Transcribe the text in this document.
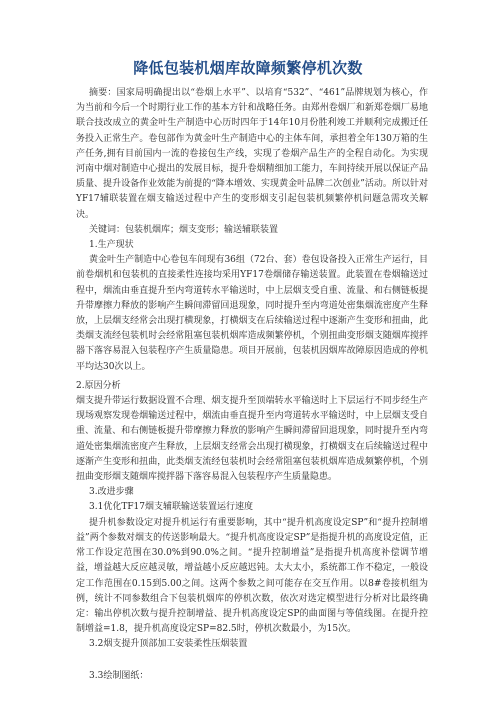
降低包装机烟库故障频繁停机次数

摘要：国家局明确提出以“卷烟上水平”、以培育“532”、“461”品牌规划为核心，作为当前和今后一个时期行业工作的基本方针和战略任务。由郑州卷烟厂和新郑卷烟厂易地联合技改成立的黄金叶生产制造中心历时四年于14年10月份胜利竣工并顺利完成搬迁任务投入正常生产。卷包部作为黄金叶生产制造中心的主体车间，承担着全年130万箱的生产任务,拥有目前国内一流的卷接包生产线，实现了卷烟产品生产的全程自动化。为实现河南中烟对制造中心提出的发展目标，提升卷烟精细加工能力，车间持续开展以保证产品质量、提升设备作业效能为前提的“降本增效、实现黄金叶品牌二次创业”活动。所以针对YF17辅联装置在烟支输送过程中产生的变形烟支引起包装机频繁停机问题急需攻关解决。

关键词：包装机烟库；烟支变形；输送辅联装置

1.生产现状

黄金叶生产制造中心卷包车间现有36组（72台、套）卷包设备投入正常生产运行，目前卷烟机和包装机的直接柔性连接均采用YF17卷烟储存输送装置。此装置在卷烟输送过程中，烟流由垂直提升至内弯道转水平输送时，中上层烟支受自重、流量、和右侧链板提升带摩擦力释放的影响产生瞬间滞留回退现象，同时提升至内弯道处密集烟流密度产生释放，上层烟支经常会出现打横现象，打横烟支在后续输送过程中逐渐产生变形和扭曲，此类烟支流经包装机时会经常阻塞包装机烟库造成频繁停机，个别扭曲变形烟支随烟库搅拌器下落容易混入包装程序产生质量隐患。项目开展前，包装机因烟库故障原因造成的停机平均达30次以上。

2.原因分析

烟支提升带运行数据设置不合理、烟支提升至顶端转水平输送时上下层运行不同步经生产现场观察发现卷烟输送过程中，烟流由垂直提升至内弯道转水平输送时，中上层烟支受自重、流量、和右侧链板提升带摩擦力释放的影响产生瞬间滞留回退现象，同时提升至内弯道处密集烟流密度产生释放，上层烟支经常会出现打横现象，打横烟支在后续输送过程中逐渐产生变形和扭曲，此类烟支流经包装机时会经常阻塞包装机烟库造成频繁停机，个别扭曲变形烟支随烟库搅拌器下落容易混入包装程序产生质量隐患。

3.改进步骤

3.1优化TF17烟支辅联输送装置运行速度

提升机参数设定对提升机运行有重要影响，其中“提升机高度设定SP”和“提升控制增益”两个参数对烟支的传送影响最大。“提升机高度设定SP”是指提升机的高度设定值，正常工作设定范围在30.0%到90.0%之间。“提升控制增益”是指提升机高度补偿调节增益，增益越大反应越灵敏，增益越小反应越迟钝。太大太小，系统都工作不稳定，一般设定工作范围在0.15到5.00之间。这两个参数之间可能存在交互作用。以8#卷接机组为例，统计不同参数组合下包装机烟库的停机次数，依次对选定模型进行分析对比最终确定：输出停机次数与提升控制增益、提升机高度设定SP的曲面图与等值线图。在提升控制增益=1.8，提升机高度设定SP=82.5时，停机次数最小，为15次。

3.2烟支提升顶部加工安装柔性压烟装置

3.3绘制图纸：
